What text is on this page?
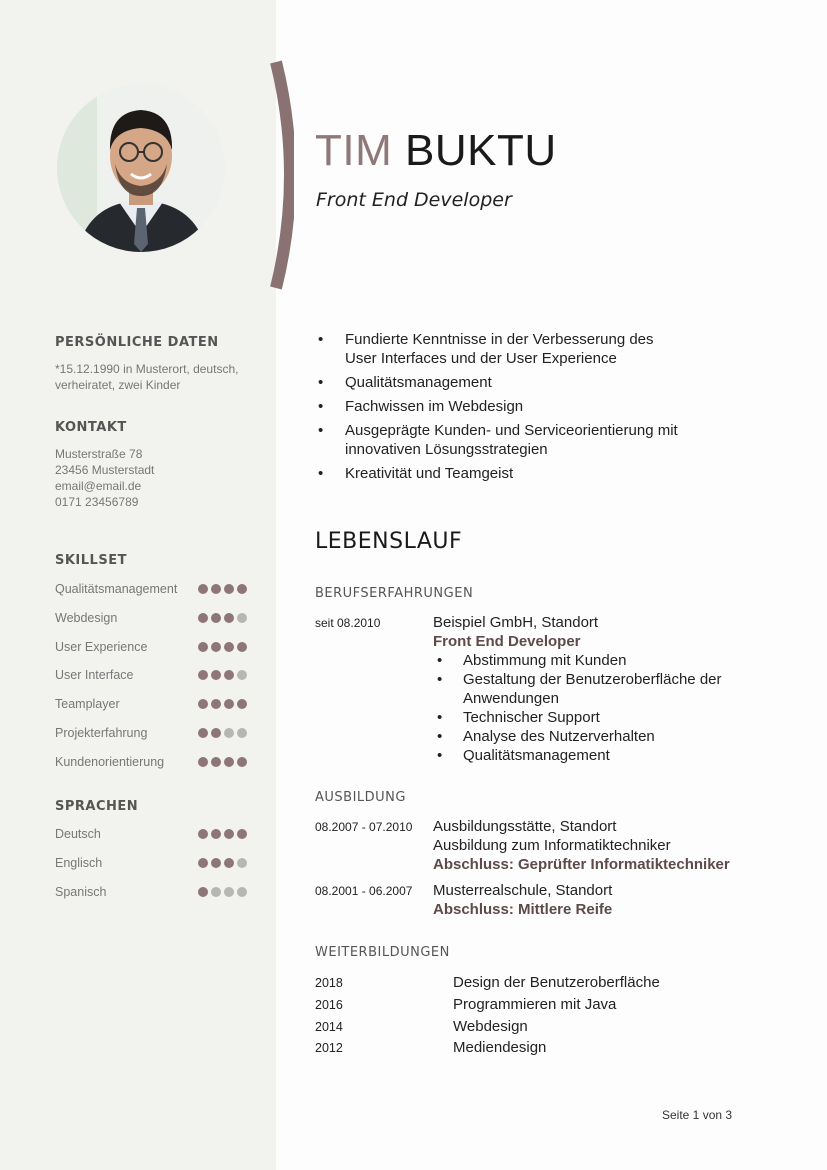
PERSÖNLICHE DATEN
*15.12.1990 in Musterort, deutsch,
verheiratet, zwei Kinder
KONTAKT
Musterstraße 78
23456 Musterstadt
email@email.de
0171 23456789
SKILLSET
Qualitätsmanagement
Webdesign
User Experience
User Interface
Teamplayer
Projekterfahrung
Kundenorientierung
SPRACHEN
Deutsch
Englisch
Spanisch
TIM BUKTU
Front End Developer
• Fundierte Kenntnisse in der Verbesserung des
User Interfaces und der User Experience
• Qualitätsmanagement
• Fachwissen im Webdesign
• Ausgeprägte Kunden- und Serviceorientierung mit
innovativen Lösungsstrategien
• Kreativität und Teamgeist
LEBENSLAUF
BERUFSERFAHRUNGEN
seit 08.2010	Beispiel GmbH, Standort
Front End Developer
• Abstimmung mit Kunden
• Gestaltung der Benutzeroberfläche der
Anwendungen
• Technischer Support
• Analyse des Nutzerverhalten
• Qualitätsmanagement
AUSBILDUNG
08.2007 - 07.2010 Ausbildungsstätte, Standort
Ausbildung zum Informatiktechniker
Abschluss: Geprüfter Informatiktechniker
08.2001 - 06.2007 Musterrealschule, Standort
Abschluss: Mittlere Reife
WEITERBILDUNGEN
2018	Design der Benutzeroberfläche
2016	Programmieren mit Java
2014	Webdesign
2012	Mediendesign
Seite 1 von 3
